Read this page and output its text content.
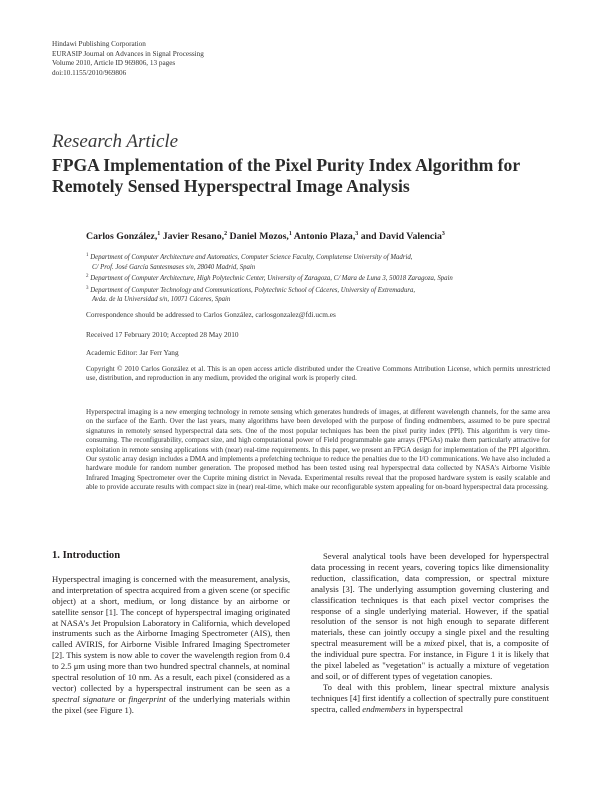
Hindawi Publishing Corporation
EURASIP Journal on Advances in Signal Processing
Volume 2010, Article ID 969806, 13 pages
doi:10.1155/2010/969806
Research Article
FPGA Implementation of the Pixel Purity Index Algorithm for Remotely Sensed Hyperspectral Image Analysis
Carlos González,$^1$ Javier Resano,$^2$ Daniel Mozos,$^1$ Antonio Plaza,$^3$ and David Valencia$^3$
$^1$ Department of Computer Architecture and Automatics, Computer Science Faculty, Complutense University of Madrid,
C/ Prof. José García Santesmases s/n, 28040 Madrid, Spain
$^2$ Department of Computer Architecture, High Polytechnic Center, University of Zaragoza, C/ Mara de Luna 3, 50018 Zaragoza, Spain
$^3$ Department of Computer Technology and Communications, Polytechnic School of Cáceres, University of Extremadura,
Avda. de la Universidad s/n, 10071 Cáceres, Spain
Correspondence should be addressed to Carlos González, carlosgonzalez@fdi.ucm.es
Received 17 February 2010; Accepted 28 May 2010
Academic Editor: Jar Ferr Yang
Copyright © 2010 Carlos González et al. This is an open access article distributed under the Creative Commons Attribution License, which permits unrestricted use, distribution, and reproduction in any medium, provided the original work is properly cited.
Hyperspectral imaging is a new emerging technology in remote sensing which generates hundreds of images, at different wavelength channels, for the same area on the surface of the Earth. Over the last years, many algorithms have been developed with the purpose of finding endmembers, assumed to be pure spectral signatures in remotely sensed hyperspectral data sets. One of the most popular techniques has been the pixel purity index (PPI). This algorithm is very time-consuming. The reconfigurability, compact size, and high computational power of Field programmable gate arrays (FPGAs) make them particularly attractive for exploitation in remote sensing applications with (near) real-time requirements. In this paper, we present an FPGA design for implementation of the PPI algorithm. Our systolic array design includes a DMA and implements a prefetching technique to reduce the penalties due to the I/O communications. We have also included a hardware module for random number generation. The proposed method has been tested using real hyperspectral data collected by NASA's Airborne Visible Infrared Imaging Spectrometer over the Cuprite mining district in Nevada. Experimental results reveal that the proposed hardware system is easily scalable and able to provide accurate results with compact size in (near) real-time, which make our reconfigurable system appealing for on-board hyperspectral data processing.
1. Introduction

Hyperspectral imaging is concerned with the measurement, analysis, and interpretation of spectra acquired from a given scene (or specific object) at a short, medium, or long distance by an airborne or satellite sensor [1]. The concept of hyperspectral imaging originated at NASA's Jet Propulsion Laboratory in California, which developed instruments such as the Airborne Imaging Spectrometer (AIS), then called AVIRIS, for Airborne Visible Infrared Imaging Spectrometer [2]. This system is now able to cover the wavelength region from 0.4 to 2.5 μm using more than two hundred spectral channels, at nominal spectral resolution of 10 nm. As a result, each pixel (considered as a vector) collected by a hyperspectral instrument can be seen as a spectral signature or fingerprint of the underlying materials within the pixel (see Figure 1).

Several analytical tools have been developed for hyperspectral data processing in recent years, covering topics like dimensionality reduction, classification, data compression, or spectral mixture analysis [3]. The underlying assumption governing clustering and classification techniques is that each pixel vector comprises the response of a single underlying material. However, if the spatial resolution of the sensor is not high enough to separate different materials, these can jointly occupy a single pixel and the resulting spectral measurement will be a mixed pixel, that is, a composite of the individual pure spectra. For instance, in Figure 1 it is likely that the pixel labeled as "vegetation" is actually a mixture of vegetation and soil, or of different types of vegetation canopies.

To deal with this problem, linear spectral mixture analysis techniques [4] first identify a collection of spectrally pure constituent spectra, called endmembers in hyperspectral
